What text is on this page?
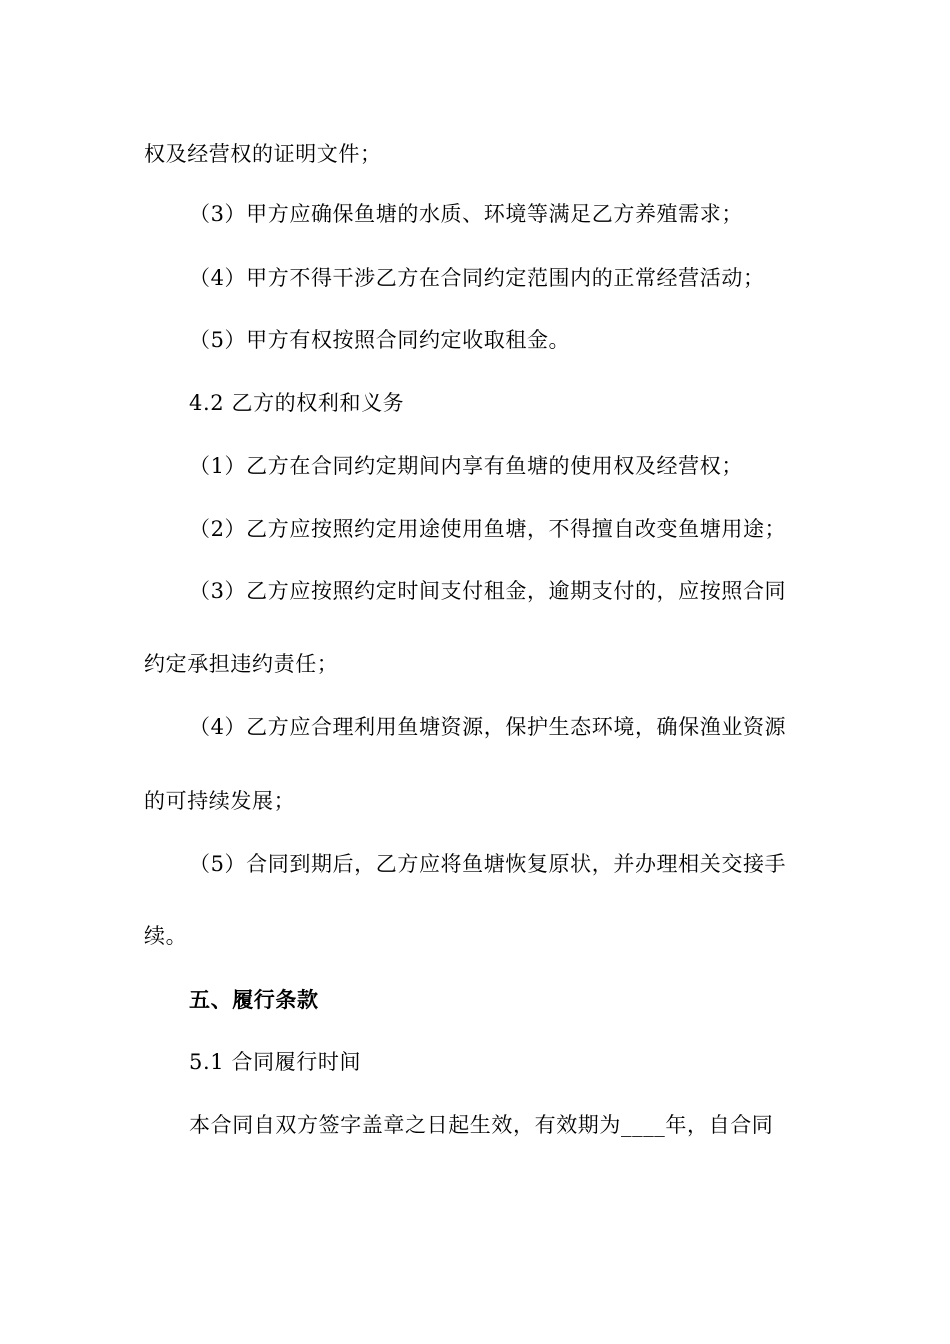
权及经营权的证明文件；
（3）甲方应确保鱼塘的水质、环境等满足乙方养殖需求；
（4）甲方不得干涉乙方在合同约定范围内的正常经营活动；
（5）甲方有权按照合同约定收取租金。
4.2 乙方的权利和义务
（1）乙方在合同约定期间内享有鱼塘的使用权及经营权；
（2）乙方应按照约定用途使用鱼塘，不得擅自改变鱼塘用途；
（3）乙方应按照约定时间支付租金，逾期支付的，应按照合同
约定承担违约责任；
（4）乙方应合理利用鱼塘资源，保护生态环境，确保渔业资源
的可持续发展；
（5）合同到期后，乙方应将鱼塘恢复原状，并办理相关交接手
续。
五、履行条款
5.1 合同履行时间
本合同自双方签字盖章之日起生效，有效期为____年，自合同
